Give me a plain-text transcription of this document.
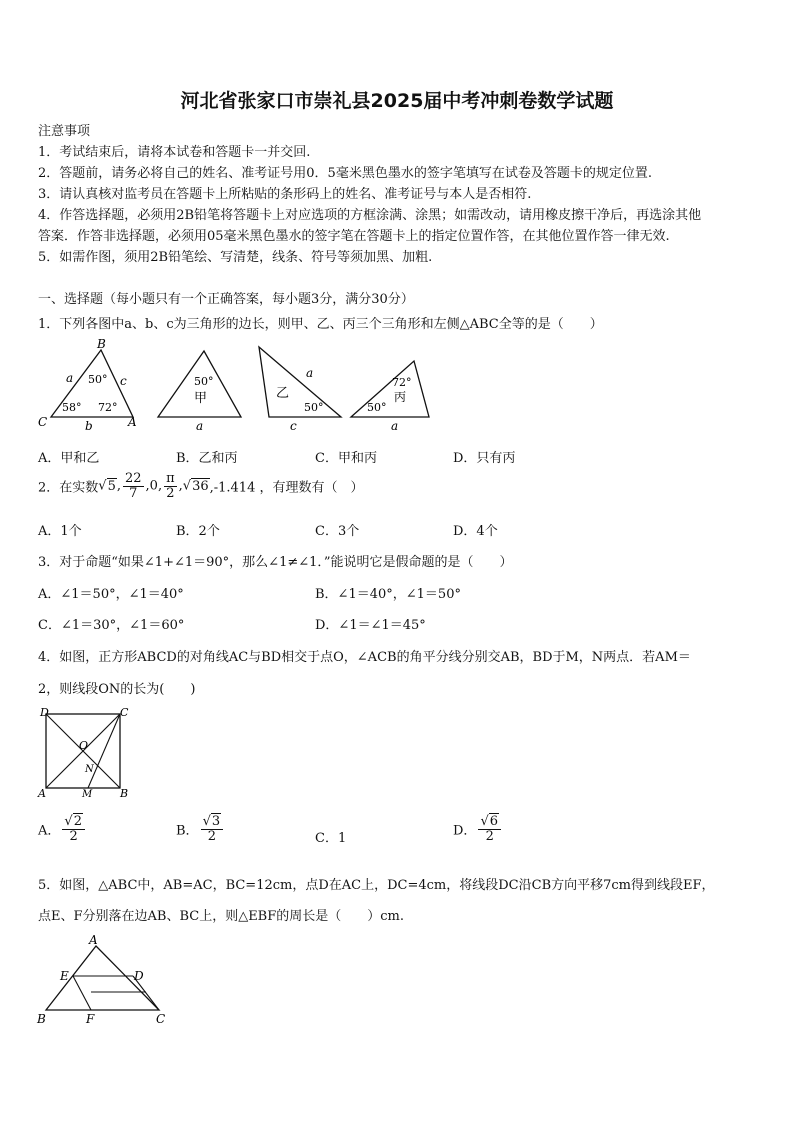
河北省张家口市崇礼县2025届中考冲刺卷数学试题
注意事项
1．考试结束后，请将本试卷和答题卡一并交回.
2．答题前，请务必将自己的姓名、准考证号用0．5毫米黑色墨水的签字笔填写在试卷及答题卡的规定位置.
3．请认真核对监考员在答题卡上所粘贴的条形码上的姓名、准考证号与本人是否相符.
4．作答选择题，必须用2B铅笔将答题卡上对应选项的方框涂满、涂黑；如需改动，请用橡皮擦干净后，再选涂其他
答案．作答非选择题，必须用05毫米黑色墨水的签字笔在答题卡上的指定位置作答，在其他位置作答一律无效.
5．如需作图，须用2B铅笔绘、写清楚，线条、符号等须加黑、加粗.
一、选择题（每小题只有一个正确答案，每小题3分，满分30分）
1．下列各图中a、b、c为三角形的边长，则甲、乙、丙三个三角形和左侧△ABC全等的是（　　）
B
C	A
a	c
b
50°
58° 72°
50°
甲
a
乙
50°
a
c
72°
丙
50°
a
A．甲和乙	B．乙和丙	C．甲和丙	D．只有丙
2．在实数√5, $\frac{22}{7} ,0$, $\frac{\pi}{2} ,√36,-1.414$ ，有理数有（　）
A．1个	B．2个	C．3个	D．4个
3．对于命题“如果∠1+∠1＝90°，那么∠1≠∠1．”能说明它是假命题的是（　　）
A．∠1＝50°，∠1＝40°	B．∠1＝40°，∠1＝50°
C．∠1＝30°，∠1＝60°	D．∠1＝∠1＝45°
4．如图，正方形ABCD的对角线AC与BD相交于点O，∠ACB的角平分线分别交AB，BD于M，N两点．若AM＝
2，则线段ON的长为(　　)
D	C
A	B
O
N
M
A． $\frac{√2}{2}$	B． $\frac{√3}{2}$	C．1	D． $\frac{√6}{2}$
5．如图，△ABC中，AB=AC，BC=12cm，点D在AC上，DC=4cm，将线段DC沿CB方向平移7cm得到线段EF，
点E、F分别落在边AB、BC上，则△EBF的周长是（　　）cm.
A
E	D
B	F	C
